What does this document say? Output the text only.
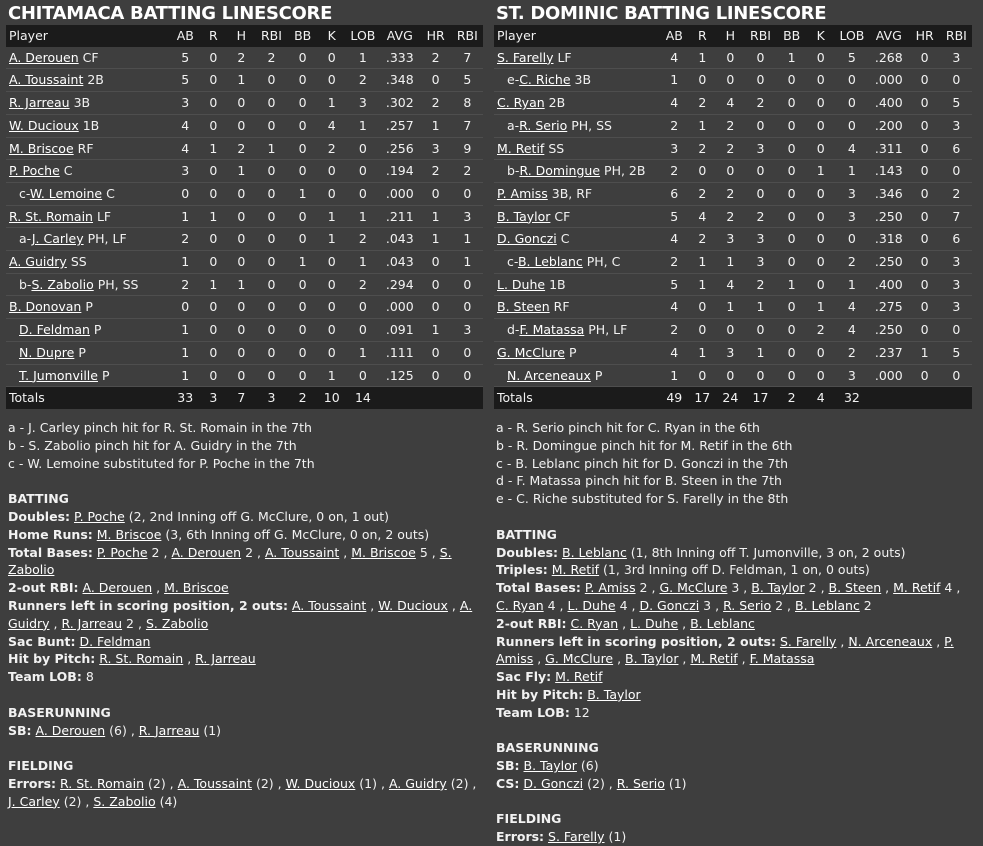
CHITAMACA BATTING LINESCORE
Player	AB	R	H	RBI	BB	K	LOB	AVG	HR	RBI
A. Derouen CF	5	0	2	2	0	0	1	.333	2	7
A. Toussaint 2B	5	0	1	0	0	0	2	.348	0	5
R. Jarreau 3B	3	0	0	0	0	1	3	.302	2	8
W. Ducioux 1B	4	0	0	0	0	4	1	.257	1	7
M. Briscoe RF	4	1	2	1	0	2	0	.256	3	9
P. Poche C	3	0	1	0	0	0	0	.194	2	2
c-W. Lemoine C	0	0	0	0	1	0	0	.000	0	0
R. St. Romain LF	1	1	0	0	0	1	1	.211	1	3
a-J. Carley PH, LF	2	0	0	0	0	1	2	.043	1	1
A. Guidry SS	1	0	0	0	1	0	1	.043	0	1
b-S. Zabolio PH, SS	2	1	1	0	0	0	2	.294	0	0
B. Donovan P	0	0	0	0	0	0	0	.000	0	0
D. Feldman P	1	0	0	0	0	0	0	.091	1	3
N. Dupre P	1	0	0	0	0	0	1	.111	0	0
T. Jumonville P	1	0	0	0	0	1	0	.125	0	0
Totals	33	3	7	3	2	10	14			
a - J. Carley pinch hit for R. St. Romain in the 7th
b - S. Zabolio pinch hit for A. Guidry in the 7th
c - W. Lemoine substituted for P. Poche in the 7th
BATTING
Doubles: P. Poche (2, 2nd Inning off G. McClure, 0 on, 1 out)
Home Runs: M. Briscoe (3, 6th Inning off G. McClure, 0 on, 2 outs)
Total Bases: P. Poche 2 , A. Derouen 2 , A. Toussaint , M. Briscoe 5 , S. Zabolio
2-out RBI: A. Derouen , M. Briscoe
Runners left in scoring position, 2 outs: A. Toussaint , W. Ducioux , A. Guidry , R. Jarreau 2 , S. Zabolio
Sac Bunt: D. Feldman
Hit by Pitch: R. St. Romain , R. Jarreau
Team LOB: 8
BASERUNNING
SB: A. Derouen (6) , R. Jarreau (1)
FIELDING
Errors: R. St. Romain (2) , A. Toussaint (2) , W. Ducioux (1) , A. Guidry (2) , J. Carley (2) , S. Zabolio (4)
ST. DOMINIC BATTING LINESCORE
Player	AB	R	H	RBI	BB	K	LOB	AVG	HR	RBI
S. Farelly LF	4	1	0	0	1	0	5	.268	0	3
e-C. Riche 3B	1	0	0	0	0	0	0	.000	0	0
C. Ryan 2B	4	2	4	2	0	0	0	.400	0	5
a-R. Serio PH, SS	2	1	2	0	0	0	0	.200	0	3
M. Retif SS	3	2	2	3	0	0	4	.311	0	6
b-R. Domingue PH, 2B	2	0	0	0	0	1	1	.143	0	0
P. Amiss 3B, RF	6	2	2	0	0	0	3	.346	0	2
B. Taylor CF	5	4	2	2	0	0	3	.250	0	7
D. Gonczi C	4	2	3	3	0	0	0	.318	0	6
c-B. Leblanc PH, C	2	1	1	3	0	0	2	.250	0	3
L. Duhe 1B	5	1	4	2	1	0	1	.400	0	3
B. Steen RF	4	0	1	1	0	1	4	.275	0	3
d-F. Matassa PH, LF	2	0	0	0	0	2	4	.250	0	0
G. McClure P	4	1	3	1	0	0	2	.237	1	5
N. Arceneaux P	1	0	0	0	0	0	3	.000	0	0
Totals	49	17	24	17	2	4	32			
a - R. Serio pinch hit for C. Ryan in the 6th
b - R. Domingue pinch hit for M. Retif in the 6th
c - B. Leblanc pinch hit for D. Gonczi in the 7th
d - F. Matassa pinch hit for B. Steen in the 7th
e - C. Riche substituted for S. Farelly in the 8th
BATTING
Doubles: B. Leblanc (1, 8th Inning off T. Jumonville, 3 on, 2 outs)
Triples: M. Retif (1, 3rd Inning off D. Feldman, 1 on, 0 outs)
Total Bases: P. Amiss 2 , G. McClure 3 , B. Taylor 2 , B. Steen , M. Retif 4 , C. Ryan 4 , L. Duhe 4 , D. Gonczi 3 , R. Serio 2 , B. Leblanc 2
2-out RBI: C. Ryan , L. Duhe , B. Leblanc
Runners left in scoring position, 2 outs: S. Farelly , N. Arceneaux , P. Amiss , G. McClure , B. Taylor , M. Retif , F. Matassa
Sac Fly: M. Retif
Hit by Pitch: B. Taylor
Team LOB: 12
BASERUNNING
SB: B. Taylor (6)
CS: D. Gonczi (2) , R. Serio (1)
FIELDING
Errors: S. Farelly (1)
